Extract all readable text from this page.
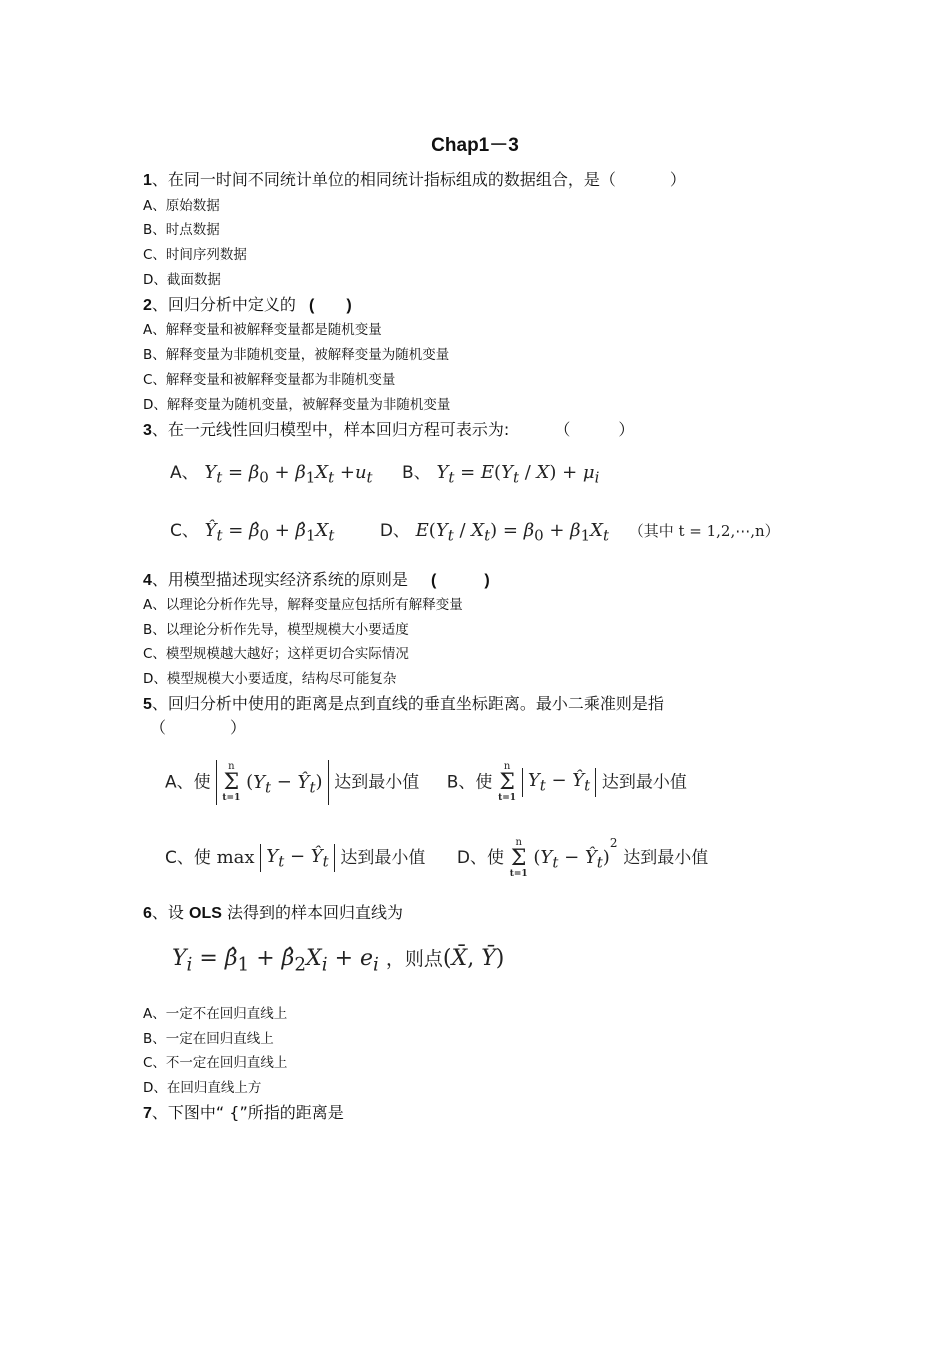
Chap1－3
1、在同一时间不同统计单位的相同统计指标组成的数据组合，是（	）
A、原始数据
B、时点数据
C、时间序列数据
D、截面数据
2、回归分析中定义的 (　　)
A、解释变量和被解释变量都是随机变量
B、解释变量为非随机变量，被解释变量为随机变量
C、解释变量和被解释变量都为非随机变量
D、解释变量为随机变量，被解释变量为非随机变量
3、在一元线性回归模型中，样本回归方程可表示为:	（　　　）
A、 $Y_t = \beta_0 + \beta_1X_t +u_t$ B、 $Y_t = E(Y_t / X) + \mu_i$
C、 $Ŷ_t$ = $\betâ_0$ + $\betâ_1X_t$	D、 $E(Y_t / X_t) = \beta_0 + \beta_1X_t$ （其中 t = 1,2,⋯,n）
4、用模型描述现实经济系统的原则是 (　　　)
A、以理论分析作先导，解释变量应包括所有解释变量
B、以理论分析作先导，模型规模大小要适度
C、模型规模越大越好；这样更切合实际情况
D、模型规模大小要适度，结构尽可能复杂
5、回归分析中使用的距离是点到直线的垂直坐标距离。最小二乘准则是指
（　　　　）
A、使
n
Σ
t=1
($Y_t$ − $Ŷ_t$) 达到最小值 B、使
n
Σ
t=1
$Y_t$ − $Ŷ_t$ 达到最小值
C、使 $\max Y_t$ − $Ŷ_t$ 达到最小值 D、使
n
Σ
t=1
($Y_t$ − $Ŷ_t)^2$ 达到最小值
6、设 OLS 法得到的样本回归直线为
$Y_i$ = $\betâ_1$ + $\betâ_2X_i + e_i$ ，则点(X̄, Ȳ)
A、一定不在回归直线上
B、一定在回归直线上
C、不一定在回归直线上
D、在回归直线上方
7、下图中“ {”所指的距离是
